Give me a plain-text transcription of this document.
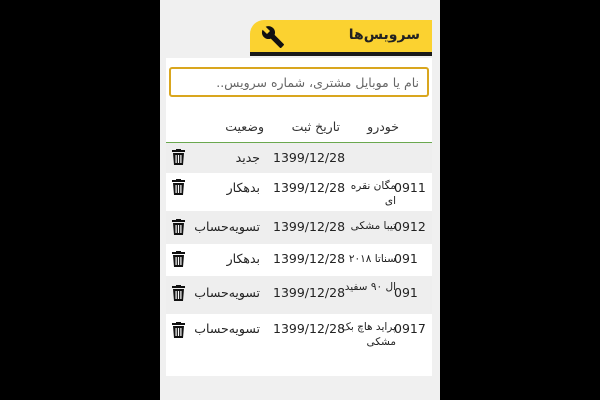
سرویس‌ها
نام یا موبایل مشتری، شماره سرویس..
خودرو
تاریخ ثبت
وضعیت
1399/12/28
جدید
0911
مگان نقره ای
1399/12/28
بدهکار
0912
تیبا مشکی
1399/12/28
تسویه‌حساب
091
سناتا ۲۰۱۸
1399/12/28
بدهکار
091
ال ۹۰ سفید
1399/12/28
تسویه‌حساب
0917
پراید هاچ بک مشکی
1399/12/28
تسویه‌حساب
